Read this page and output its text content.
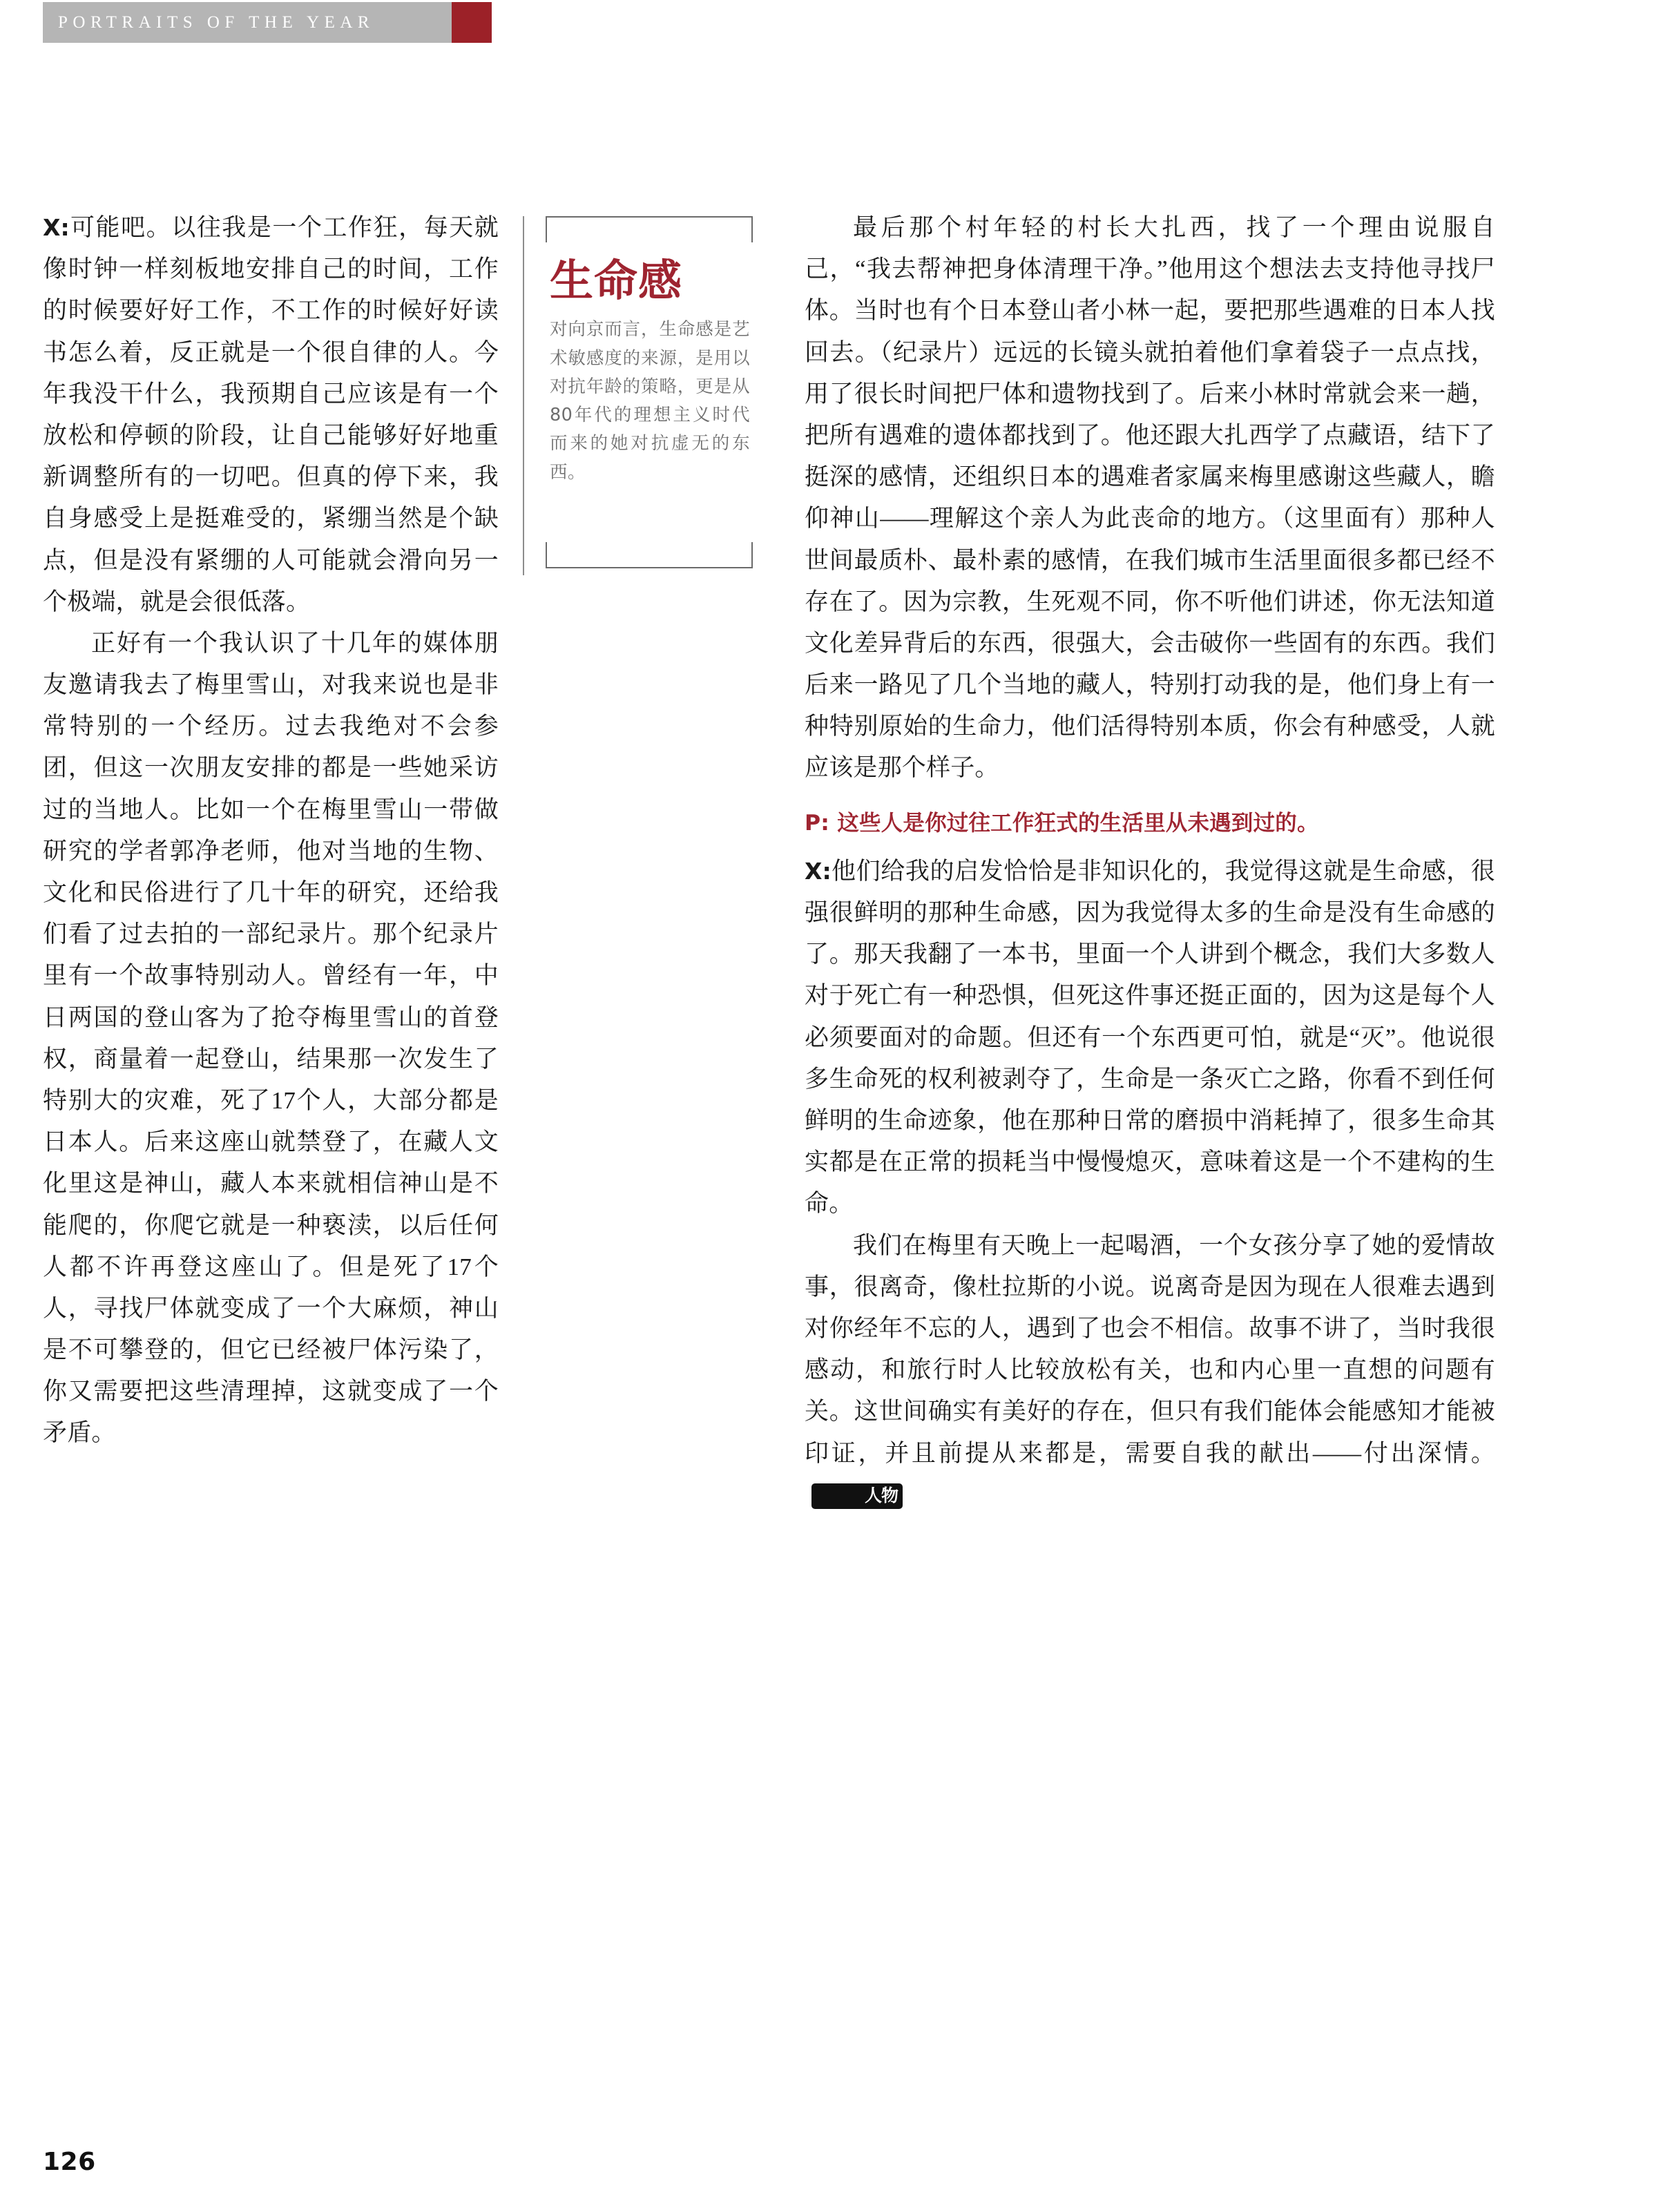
PORTRAITS OF THE YEAR

X:可能吧。以往我是一个工作狂，每天就像时钟一样刻板地安排自己的时间，工作的时候要好好工作，不工作的时候好好读书怎么着，反正就是一个很自律的人。今年我没干什么，我预期自己应该是有一个放松和停顿的阶段，让自己能够好好地重新调整所有的一切吧。但真的停下来，我自身感受上是挺难受的，紧绷当然是个缺点，但是没有紧绷的人可能就会滑向另一个极端，就是会很低落。

正好有一个我认识了十几年的媒体朋友邀请我去了梅里雪山，对我来说也是非常特别的一个经历。过去我绝对不会参团，但这一次朋友安排的都是一些她采访过的当地人。比如一个在梅里雪山一带做研究的学者郭净老师，他对当地的生物、文化和民俗进行了几十年的研究，还给我们看了过去拍的一部纪录片。那个纪录片里有一个故事特别动人。曾经有一年，中日两国的登山客为了抢夺梅里雪山的首登权，商量着一起登山，结果那一次发生了特别大的灾难，死了17个人，大部分都是日本人。后来这座山就禁登了，在藏人文化里这是神山，藏人本来就相信神山是不能爬的，你爬它就是一种亵渎，以后任何人都不许再登这座山了。但是死了17个人，寻找尸体就变成了一个大麻烦，神山是不可攀登的，但它已经被尸体污染了，你又需要把这些清理掉，这就变成了一个矛盾。

生命感

对向京而言，生命感是艺术敏感度的来源，是用以对抗年龄的策略，更是从80年代的理想主义时代而来的她对抗虚无的东西。

最后那个村年轻的村长大扎西，找了一个理由说服自己，“我去帮神把身体清理干净。”他用这个想法去支持他寻找尸体。当时也有个日本登山者小林一起，要把那些遇难的日本人找回去。（纪录片）远远的长镜头就拍着他们拿着袋子一点点找，用了很长时间把尸体和遗物找到了。后来小林时常就会来一趟，把所有遇难的遗体都找到了。他还跟大扎西学了点藏语，结下了挺深的感情，还组织日本的遇难者家属来梅里感谢这些藏人，瞻仰神山——理解这个亲人为此丧命的地方。（这里面有）那种人世间最质朴、最朴素的感情，在我们城市生活里面很多都已经不存在了。因为宗教，生死观不同，你不听他们讲述，你无法知道文化差异背后的东西，很强大，会击破你一些固有的东西。我们后来一路见了几个当地的藏人，特别打动我的是，他们身上有一种特别原始的生命力，他们活得特别本质，你会有种感受，人就应该是那个样子。

P: 这些人是你过往工作狂式的生活里从未遇到过的。

X:他们给我的启发恰恰是非知识化的，我觉得这就是生命感，很强很鲜明的那种生命感，因为我觉得太多的生命是没有生命感的了。那天我翻了一本书，里面一个人讲到个概念，我们大多数人对于死亡有一种恐惧，但死这件事还挺正面的，因为这是每个人必须要面对的命题。但还有一个东西更可怕，就是“灭”。他说很多生命死的权利被剥夺了，生命是一条灭亡之路，你看不到任何鲜明的生命迹象，他在那种日常的磨损中消耗掉了，很多生命其实都是在正常的损耗当中慢慢熄灭，意味着这是一个不建构的生命。

我们在梅里有天晚上一起喝酒，一个女孩分享了她的爱情故事，很离奇，像杜拉斯的小说。说离奇是因为现在人很难去遇到对你经年不忘的人，遇到了也会不相信。故事不讲了，当时我很感动，和旅行时人比较放松有关，也和内心里一直想的问题有关。这世间确实有美好的存在，但只有我们能体会能感知才能被印证，并且前提从来都是，需要自我的献出——付出深情。人物

126
